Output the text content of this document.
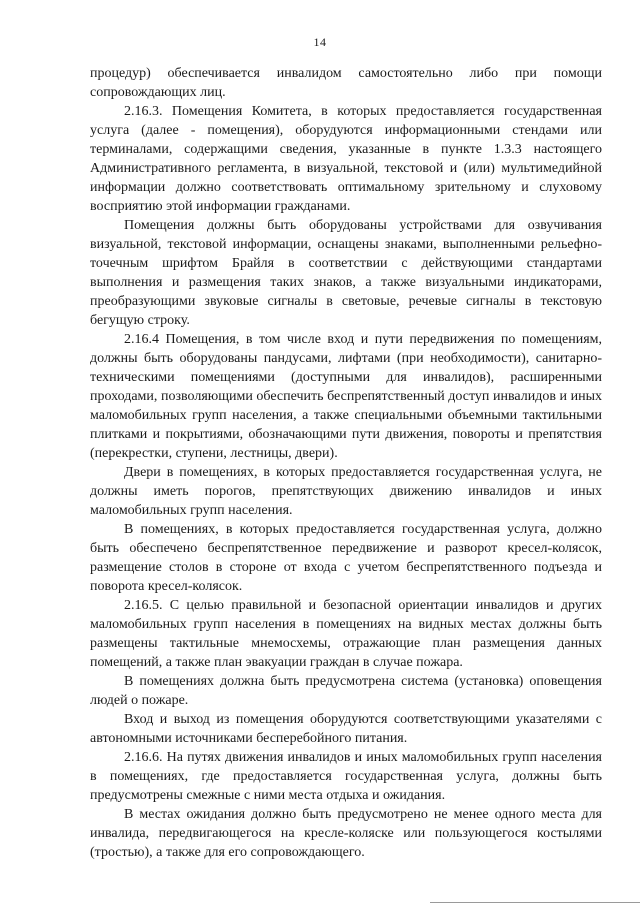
14

процедур) обеспечивается инвалидом самостоятельно либо при помощи сопровождающих лиц.

2.16.3. Помещения Комитета, в которых предоставляется государственная услуга (далее - помещения), оборудуются информационными стендами или терминалами, содержащими сведения, указанные в пункте 1.3.3 настоящего Административного регламента, в визуальной, текстовой и (или) мультимедийной информации должно соответствовать оптимальному зрительному и слуховому восприятию этой информации гражданами.

Помещения должны быть оборудованы устройствами для озвучивания визуальной, текстовой информации, оснащены знаками, выполненными рельефно-точечным шрифтом Брайля в соответствии с действующими стандартами выполнения и размещения таких знаков, а также визуальными индикаторами, преобразующими звуковые сигналы в световые, речевые сигналы в текстовую бегущую строку.

2.16.4 Помещения, в том числе вход и пути передвижения по помещениям, должны быть оборудованы пандусами, лифтами (при необходимости), санитарно-техническими помещениями (доступными для инвалидов), расширенными проходами, позволяющими обеспечить беспрепятственный доступ инвалидов и иных маломобильных групп населения, а также специальными объемными тактильными плитками и покрытиями, обозначающими пути движения, повороты и препятствия (перекрестки, ступени, лестницы, двери).

Двери в помещениях, в которых предоставляется государственная услуга, не должны иметь порогов, препятствующих движению инвалидов и иных маломобильных групп населения.

В помещениях, в которых предоставляется государственная услуга, должно быть обеспечено беспрепятственное передвижение и разворот кресел-колясок, размещение столов в стороне от входа с учетом беспрепятственного подъезда и поворота кресел-колясок.

2.16.5. С целью правильной и безопасной ориентации инвалидов и других маломобильных групп населения в помещениях на видных местах должны быть размещены тактильные мнемосхемы, отражающие план размещения данных помещений, а также план эвакуации граждан в случае пожара.

В помещениях должна быть предусмотрена система (установка) оповещения людей о пожаре.

Вход и выход из помещения оборудуются соответствующими указателями с автономными источниками бесперебойного питания.

2.16.6. На путях движения инвалидов и иных маломобильных групп населения в помещениях, где предоставляется государственная услуга, должны быть предусмотрены смежные с ними места отдыха и ожидания.

В местах ожидания должно быть предусмотрено не менее одного места для инвалида, передвигающегося на кресле-коляске или пользующегося костылями (тростью), а также для его сопровождающего.
